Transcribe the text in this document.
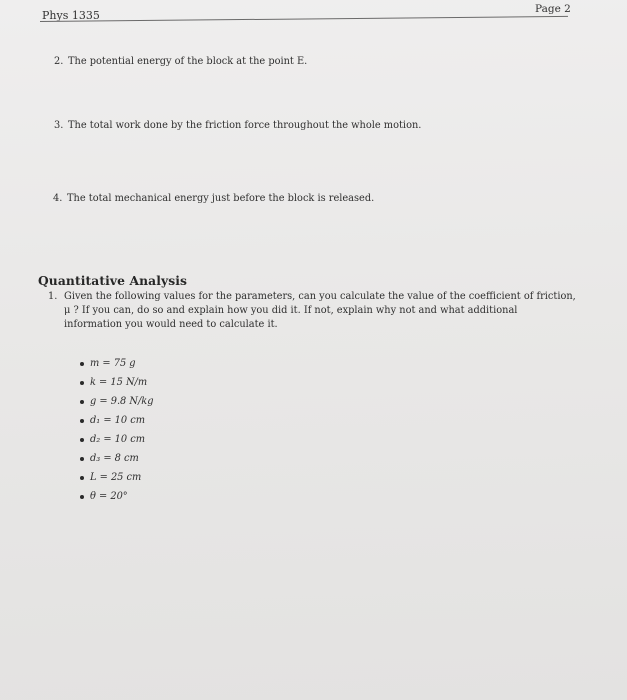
Phys 1335	Page 2
2. The potential energy of the block at the point E.
3. The total work done by the friction force throughout the whole motion.
4. The total mechanical energy just before the block is released.
Quantitative Analysis
1. Given the following values for the parameters, can you calculate the value of the coefficient of friction,
μ ? If you can, do so and explain how you did it. If not, explain why not and what additional
information you would need to calculate it.
m = 75 g
k = 15 N/m
g = 9.8 N/kg
d₁ = 10 cm
d₂ = 10 cm
d₃ = 8 cm
L = 25 cm
θ = 20°
